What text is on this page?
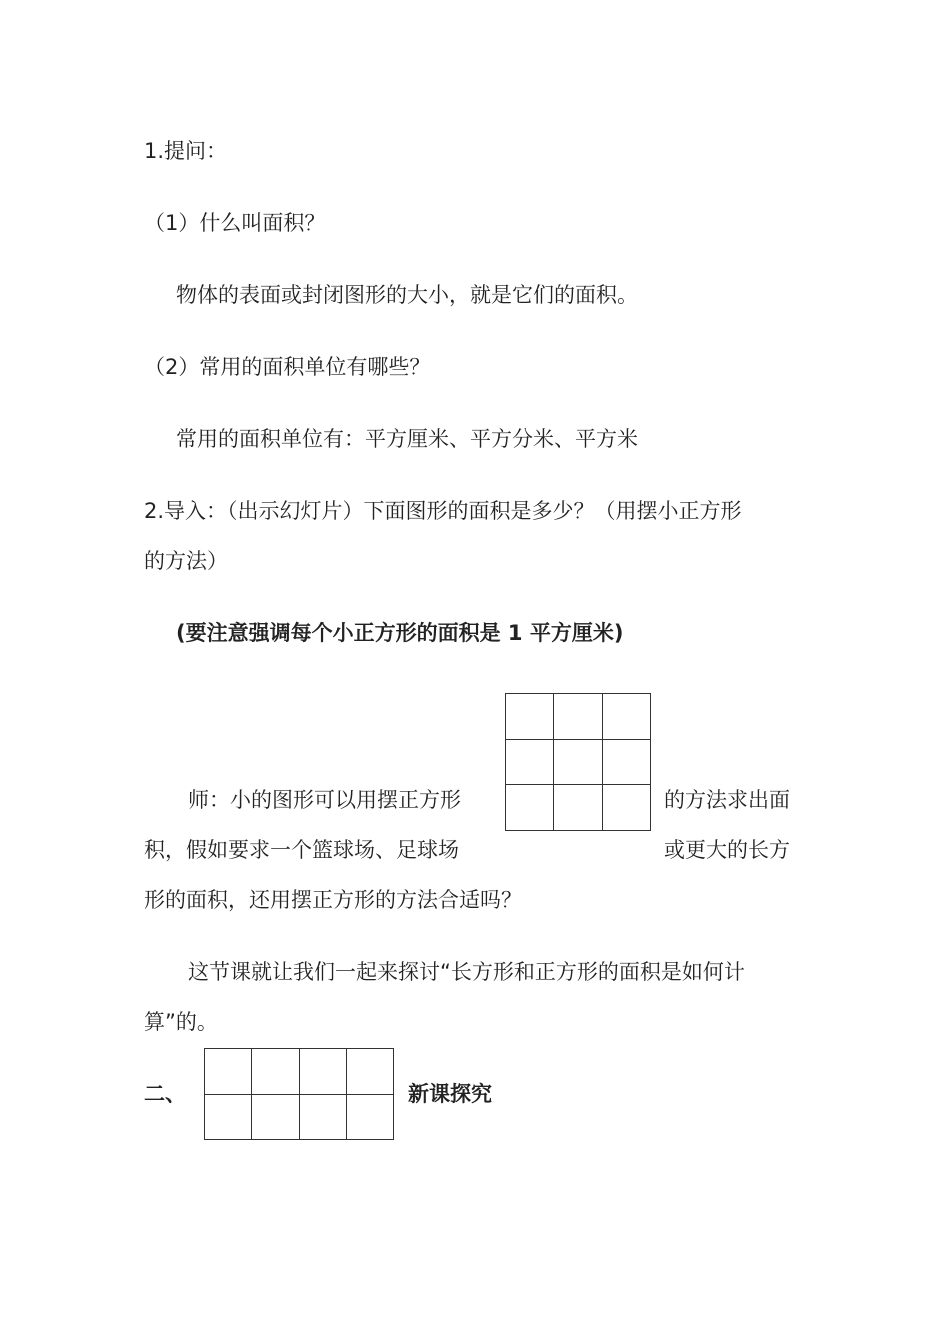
1.提问：
（1）什么叫面积？
物体的表面或封闭图形的大小，就是它们的面积。
（2）常用的面积单位有哪些？
常用的面积单位有：平方厘米、平方分米、平方米
2.导入：（出示幻灯片）下面图形的面积是多少？（用摆小正方形
的方法）
(要注意强调每个小正方形的面积是 1 平方厘米)
师：小的图形可以用摆正方形	的方法求出面
积，假如要求一个篮球场、足球场	或更大的长方
形的面积，还用摆正方形的方法合适吗？
这节课就让我们一起来探讨“长方形和正方形的面积是如何计
算”的。
二、	新课探究
